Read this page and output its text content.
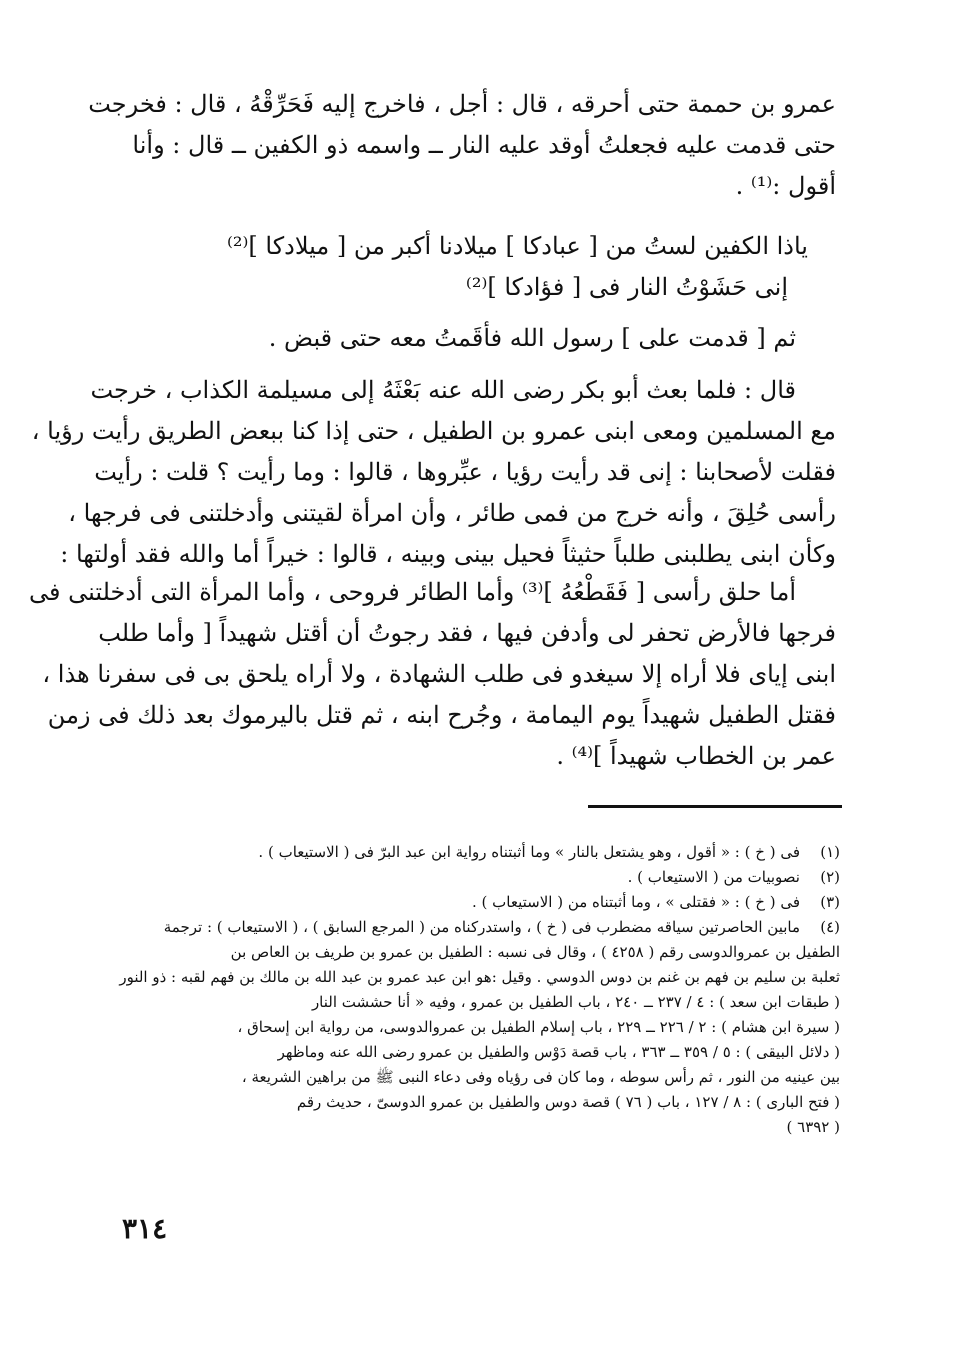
عمرو بن حممة حتى أحرقه ، قال : أجل ، فاخرج إليه فَحَرِّقْهُ ، قال : فخرجت
حتى قدمت عليه فجعلتُ أوقد عليه النار ــ واسمه ذو الكفين ــ قال : وأنا
أقول :⁽¹⁾ .
ياذا الكفين لستُ من [ عبادكا ] ميلادنا أكبر من [ ميلادكا ]⁽²⁾
إنى حَشَوْتُ النار فى [ فؤادكا ]⁽²⁾
ثم [ قدمت على ] رسول الله فأقَمتُ معه حتى قبض .
قال : فلما بعث أبو بكر رضى الله عنه بَعْثَهُ إلى مسيلمة الكذاب ، خرجت
مع المسلمين ومعى ابنى عمرو بن الطفيل ، حتى إذا كنا ببعض الطريق رأيت رؤيا ،
فقلت لأصحابنا : إنى قد رأيت رؤيا ، عبِّروها ، قالوا : وما رأيت ؟ قلت : رأيت
رأسى حُلِقَ ، وأنه خرج من فمى طائر ، وأن امرأة لقيتنى وأدخلتنى فى فرجها ،
وكأن ابنى يطلبنى طلباً حثيثاً فحيل بينى وبينه ، قالوا : خيراً أما والله فقد أولتها :
أما حلق رأسى [ فَقَطْعُهُ ]⁽³⁾ وأما الطائر فروحى ، وأما المرأة التى أدخلتنى فى
فرجها فالأرض تحفر لى وأدفن فيها ، فقد رجوتُ أن أقتل شهيداً [ وأما طلب
ابنى إياى فلا أراه إلا سيغدو فى طلب الشهادة ، ولا أراه يلحق بى فى سفرنا هذا ،
فقتل الطفيل شهيداً يوم اليمامة ، وجُرح ابنه ، ثم قتل باليرموك بعد ذلك فى زمن
عمر بن الخطاب شهيداً ]⁽⁴⁾ .
(١)فى ( خ ) : « أقول ، وهو يشتعل بالنار » وما أثبتناه رواية ابن عبد البرّ فى ( الاستيعاب ) .
(٢)نصوبيات من ( الاستيعاب ) .
(٣)فى ( خ ) : « فقتلى » ، وما أثبتناه من ( الاستيعاب ) .
(٤)مابين الحاصرتين سياقه مضطرب فى ( خ ) ، واستدركناه من ( المرجع السابق ) ، ( الاستيعاب ) : ترجمة
الطفيل بن عمروالدوسى رقم ( ٤٢٥٨ ) ، وقال فى نسبه : الطفيل بن عمرو بن طريف بن العاص بن
ثعلبة بن سليم بن فهم بن غنم بن دوس الدوسي . وقيل :هو ابن عبد عمرو بن عبد الله بن مالك بن فهم لقبه : ذو النور
( طبقات ابن سعد ) : ٤ / ٢٣٧ ــ ٢٤٠ ، باب الطفيل بن عمرو ، وفيه « أنا حششت النار
( سيرة ابن هشام ) : ٢ / ٢٢٦ ــ ٢٢٩ ، باب إسلام الطفيل بن عمروالدوسى، من رواية ابن إسحاق ،
( دلائل البيقى ) : ٥ / ٣٥٩ ــ ٣٦٣ ، باب قصة دَوْس والطفيل بن عمرو رضى الله عنه وماظهر
بين عينيه من النور ، ثم رأس سوطه ، وما كان فى رؤياه وفى دعاء النبى ﷺ من براهين الشريعة ،
( فتح البارى ) : ٨ / ١٢٧ ، باب ( ٧٦ ) قصة دوس والطفيل بن عمرو الدوسىّ ، حديث رقم
( ٦٣٩٢ )
٣١٤
